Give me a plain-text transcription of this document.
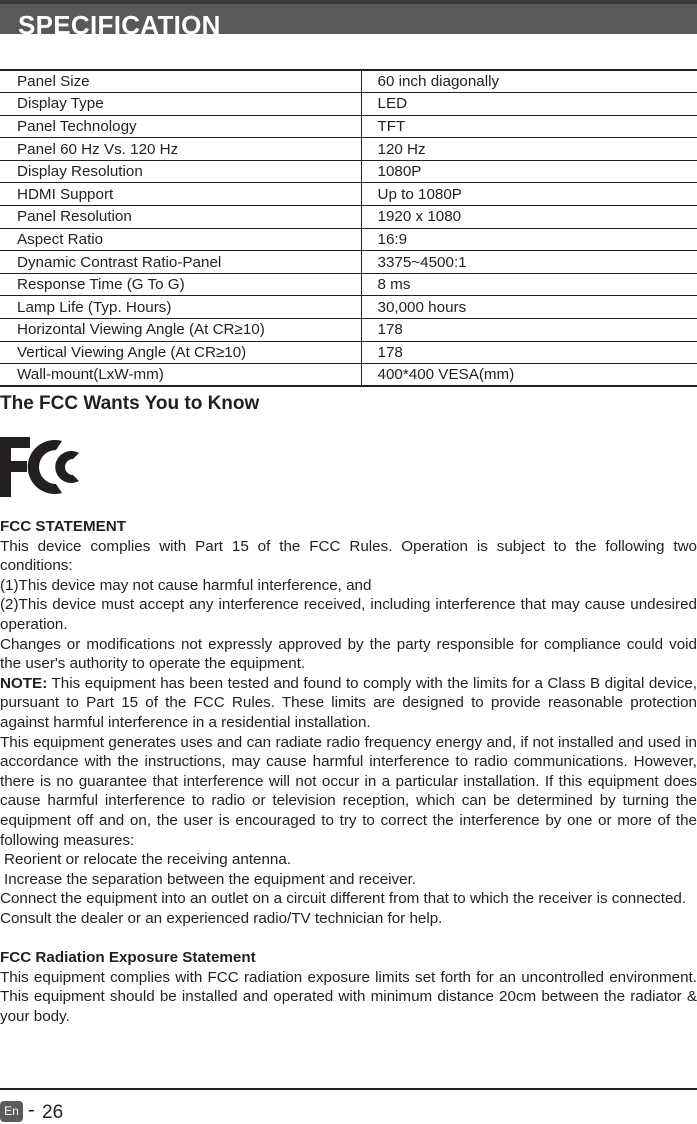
SPECIFICATION
Panel Size	60 inch diagonally
Display Type	LED
Panel Technology	TFT
Panel 60 Hz Vs. 120 Hz	120 Hz
Display Resolution	1080P
HDMI Support	Up to 1080P
Panel Resolution	1920 x 1080
Aspect Ratio	16:9
Dynamic Contrast Ratio-Panel	3375~4500:1
Response Time (G To G)	8 ms
Lamp Life (Typ. Hours)	30,000 hours
Horizontal Viewing Angle (At CR≥10)	178
Vertical Viewing Angle (At CR≥10)	178
Wall-mount(LxW-mm)	400*400 VESA(mm)
The FCC Wants You to Know

FCC STATEMENT

This device complies with Part 15 of the FCC Rules. Operation is subject to the following two conditions:

(1)This device may not cause harmful interference, and

(2)This device must accept any interference received, including interference that may cause undesired operation.

Changes or modifications not expressly approved by the party responsible for compliance could void the user's authority to operate the equipment.

NOTE: This equipment has been tested and found to comply with the limits for a Class B digital device, pursuant to Part 15 of the FCC Rules. These limits are designed to provide reasonable protection against harmful interference in a residential installation.

This equipment generates uses and can radiate radio frequency energy and, if not installed and used in accordance with the instructions, may cause harmful interference to radio communications. However, there is no guarantee that interference will not occur in a particular installation. If this equipment does cause harmful interference to radio or television reception, which can be determined by turning the equipment off and on, the user is encouraged to try to correct the interference by one or more of the following measures:

Reorient or relocate the receiving antenna.

Increase the separation between the equipment and receiver.

Connect the equipment into an outlet on a circuit different from that to which the receiver is connected.

Consult the dealer or an experienced radio/TV technician for help.

FCC Radiation Exposure Statement

This equipment complies with FCC radiation exposure limits set forth for an uncontrolled environment. This equipment should be installed and operated with minimum distance 20cm between the radiator & your body.

En - 26
